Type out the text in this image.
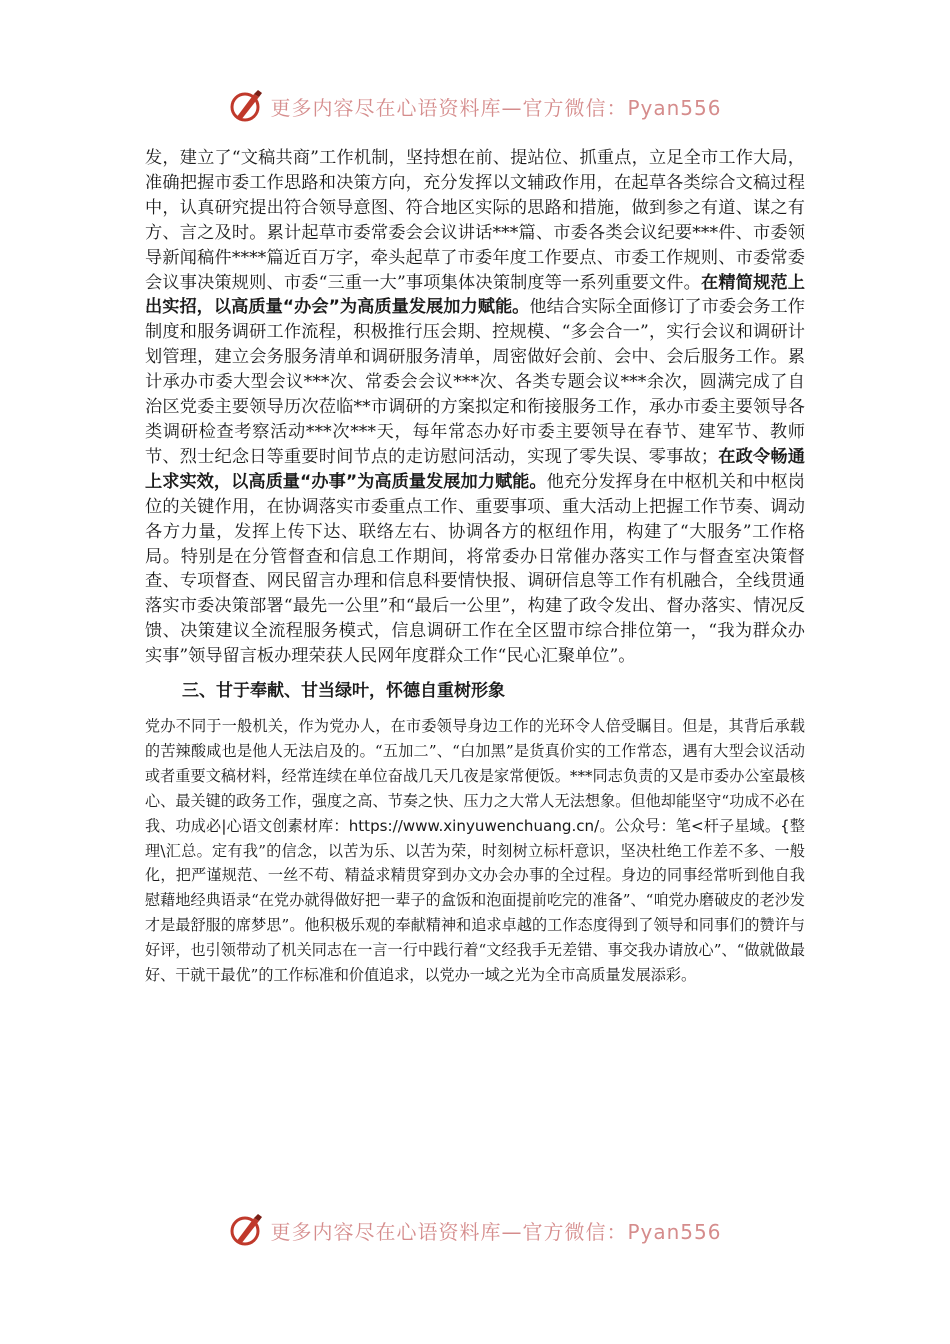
更多内容尽在心语资料库—官方微信：Pyan556

发，建立了“文稿共商”工作机制，坚持想在前、提站位、抓重点，立足全市工作大局，准确把握市委工作思路和决策方向，充分发挥以文辅政作用，在起草各类综合文稿过程中，认真研究提出符合领导意图、符合地区实际的思路和措施，做到参之有道、谋之有方、言之及时。累计起草市委常委会会议讲话***篇、市委各类会议纪要***件、市委领导新闻稿件****篇近百万字，牵头起草了市委年度工作要点、市委工作规则、市委常委会议事决策规则、市委“三重一大”事项集体决策制度等一系列重要文件。在精简规范上出实招，以高质量“办会”为高质量发展加力赋能。他结合实际全面修订了市委会务工作制度和服务调研工作流程，积极推行压会期、控规模、“多会合一”，实行会议和调研计划管理，建立会务服务清单和调研服务清单，周密做好会前、会中、会后服务工作。累计承办市委大型会议***次、常委会会议***次、各类专题会议***余次，圆满完成了自治区党委主要领导历次莅临**市调研的方案拟定和衔接服务工作，承办市委主要领导各类调研检查考察活动***次***天，每年常态办好市委主要领导在春节、建军节、教师节、烈士纪念日等重要时间节点的走访慰问活动，实现了零失误、零事故；在政令畅通上求实效，以高质量“办事”为高质量发展加力赋能。他充分发挥身在中枢机关和中枢岗位的关键作用，在协调落实市委重点工作、重要事项、重大活动上把握工作节奏、调动各方力量，发挥上传下达、联络左右、协调各方的枢纽作用，构建了“大服务”工作格局。特别是在分管督查和信息工作期间，将常委办日常催办落实工作与督查室决策督查、专项督查、网民留言办理和信息科要情快报、调研信息等工作有机融合，全线贯通落实市委决策部署“最先一公里”和“最后一公里”，构建了政令发出、督办落实、情况反馈、决策建议全流程服务模式，信息调研工作在全区盟市综合排位第一，“我为群众办实事”领导留言板办理荣获人民网年度群众工作“民心汇聚单位”。

三、甘于奉献、甘当绿叶，怀德自重树形象

党办不同于一般机关，作为党办人，在市委领导身边工作的光环令人倍受瞩目。但是，其背后承载的苦辣酸咸也是他人无法启及的。“五加二”、“白加黑”是货真价实的工作常态，遇有大型会议活动或者重要文稿材料，经常连续在单位奋战几天几夜是家常便饭。***同志负责的又是市委办公室最核心、最关键的政务工作，强度之高、节奏之快、压力之大常人无法想象。但他却能坚守“功成不必在我、功成必|心语文创素材库：https://www.xinyuwenchuang.cn/。公众号：笔<杆子星域。{整理\汇总。定有我”的信念，以苦为乐、以苦为荣，时刻树立标杆意识，坚决杜绝工作差不多、一般化，把严谨规范、一丝不苟、精益求精贯穿到办文办会办事的全过程。身边的同事经常听到他自我慰藉地经典语录“在党办就得做好把一辈子的盒饭和泡面提前吃完的准备”、“咱党办磨破皮的老沙发才是最舒服的席梦思”。他积极乐观的奉献精神和追求卓越的工作态度得到了领导和同事们的赞许与好评，也引领带动了机关同志在一言一行中践行着“文经我手无差错、事交我办请放心”、“做就做最好、干就干最优”的工作标准和价值追求，以党办一域之光为全市高质量发展添彩。

更多内容尽在心语资料库—官方微信：Pyan556
